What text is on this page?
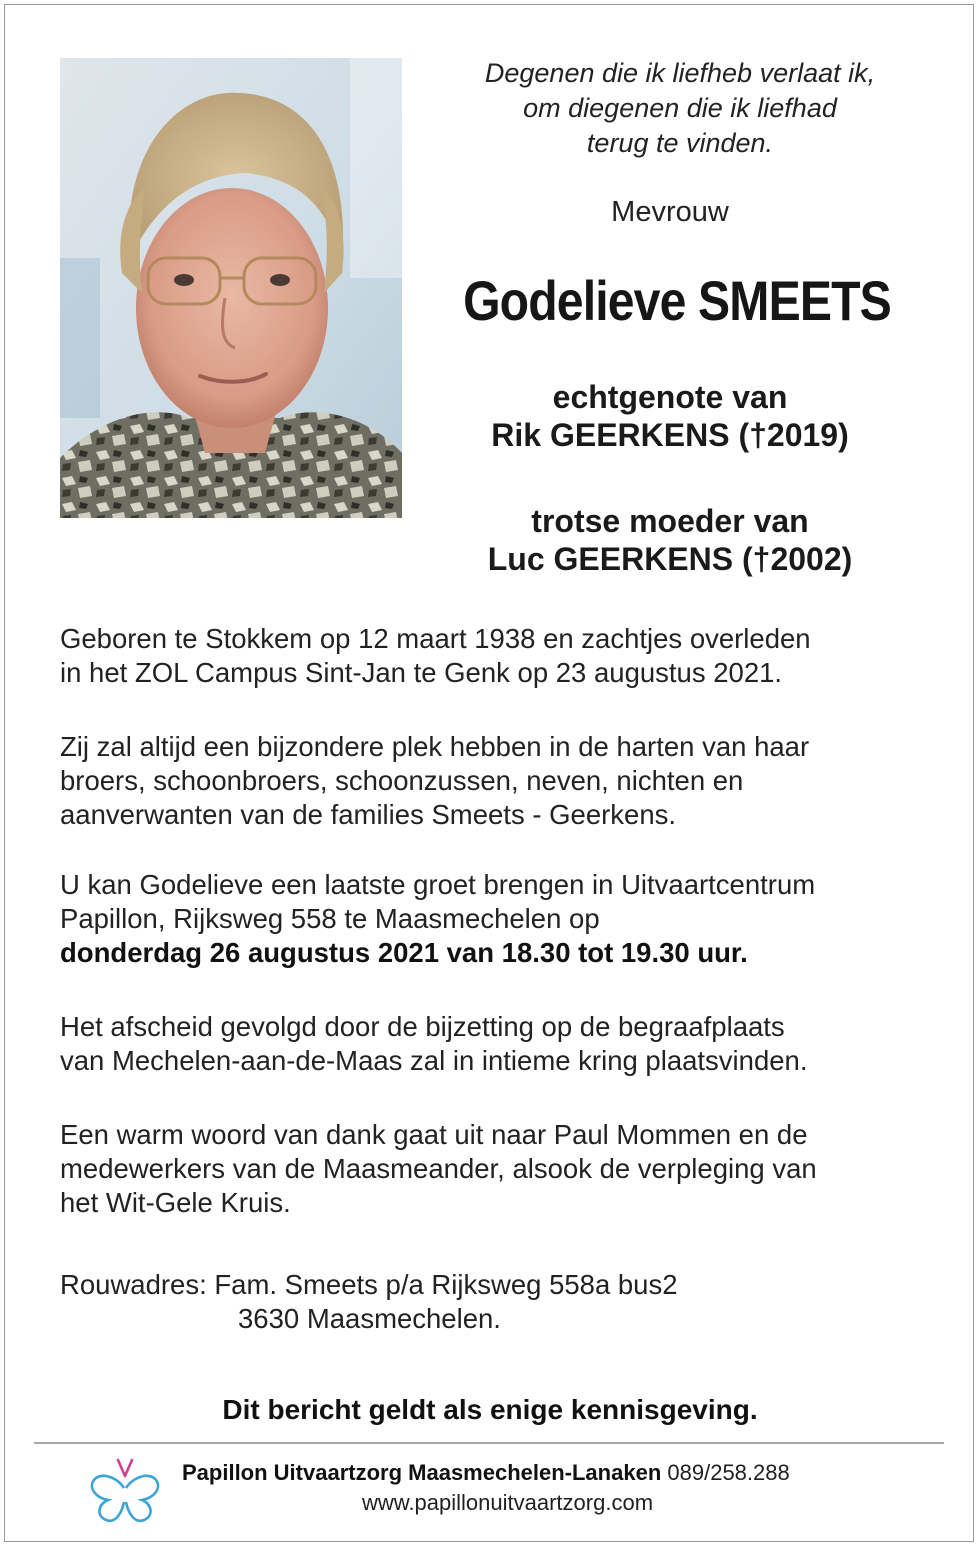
Degenen die ik liefheb verlaat ik,
om diegenen die ik liefhad
terug te vinden.
Mevrouw
Godelieve SMEETS
echtgenote van
Rik GEERKENS (†2019)
trotse moeder van
Luc GEERKENS (†2002)
Geboren te Stokkem op 12 maart 1938 en zachtjes overleden
in het ZOL Campus Sint-Jan te Genk op 23 augustus 2021.
Zij zal altijd een bijzondere plek hebben in de harten van haar
broers, schoonbroers, schoonzussen, neven, nichten en
aanverwanten van de families Smeets - Geerkens.
U kan Godelieve een laatste groet brengen in Uitvaartcentrum
Papillon, Rijksweg 558 te Maasmechelen op
donderdag 26 augustus 2021 van 18.30 tot 19.30 uur.
Het afscheid gevolgd door de bijzetting op de begraafplaats
van Mechelen-aan-de-Maas zal in intieme kring plaatsvinden.
Een warm woord van dank gaat uit naar Paul Mommen en de
medewerkers van de Maasmeander, alsook de verpleging van
het Wit-Gele Kruis.
Rouwadres: Fam. Smeets p/a Rijksweg 558a bus2
3630 Maasmechelen.
Dit bericht geldt als enige kennisgeving.
Papillon Uitvaartzorg Maasmechelen-Lanaken 089/258.288
www.papillonuitvaartzorg.com
